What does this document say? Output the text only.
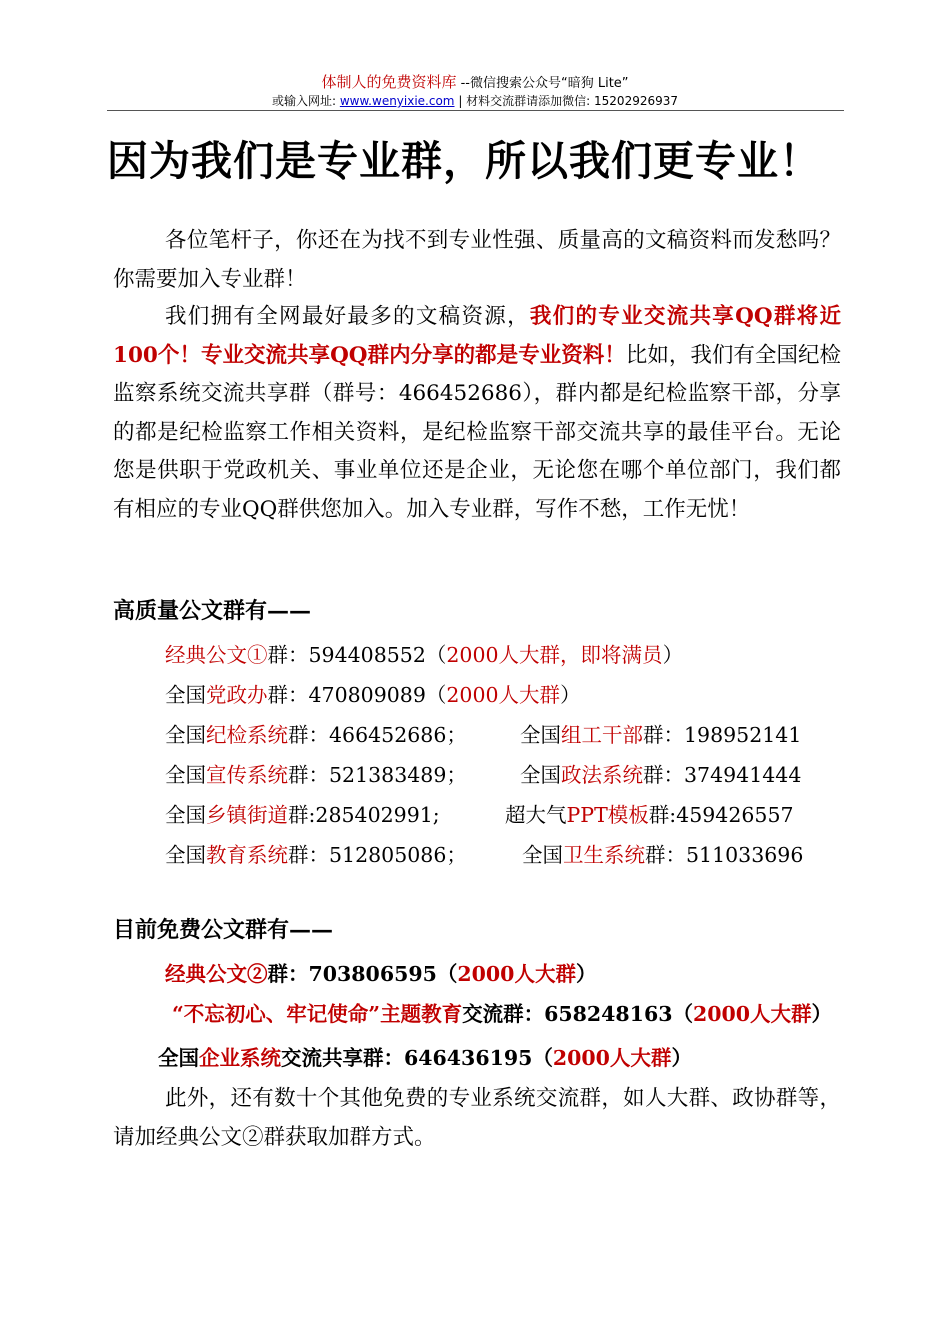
体制人的免费资料库 --微信搜索公众号“暗狗 Lite”
或输入网址: www.wenyixie.com | 材料交流群请添加微信: 15202926937
因为我们是专业群，所以我们更专业！
各位笔杆子，你还在为找不到专业性强、质量高的文稿资料而发愁吗？你需要加入专业群！
我们拥有全网最好最多的文稿资源，我们的专业交流共享QQ群将近100个！专业交流共享QQ群内分享的都是专业资料！比如，我们有全国纪检监察系统交流共享群（群号：466452686），群内都是纪检监察干部，分享的都是纪检监察工作相关资料，是纪检监察干部交流共享的最佳平台。无论您是供职于党政机关、事业单位还是企业，无论您在哪个单位部门，我们都有相应的专业QQ群供您加入。加入专业群，写作不愁，工作无忧！
高质量公文群有——
经典公文①群：594408552（2000人大群，即将满员）
全国党政办群：470809089（2000人大群）
全国纪检系统群：466452686；	全国组工干部群：198952141
全国宣传系统群：521383489；	全国政法系统群：374941444
全国乡镇街道群:285402991;	超大气PPT模板群:459426557
全国教育系统群：512805086；	全国卫生系统群：511033696
目前免费公文群有——
经典公文②群：703806595（2000人大群）
“不忘初心、牢记使命”主题教育交流群：658248163（2000人大群）
全国企业系统交流共享群：646436195（2000人大群）
此外，还有数十个其他免费的专业系统交流群，如人大群、政协群等，请加经典公文②群获取加群方式。
